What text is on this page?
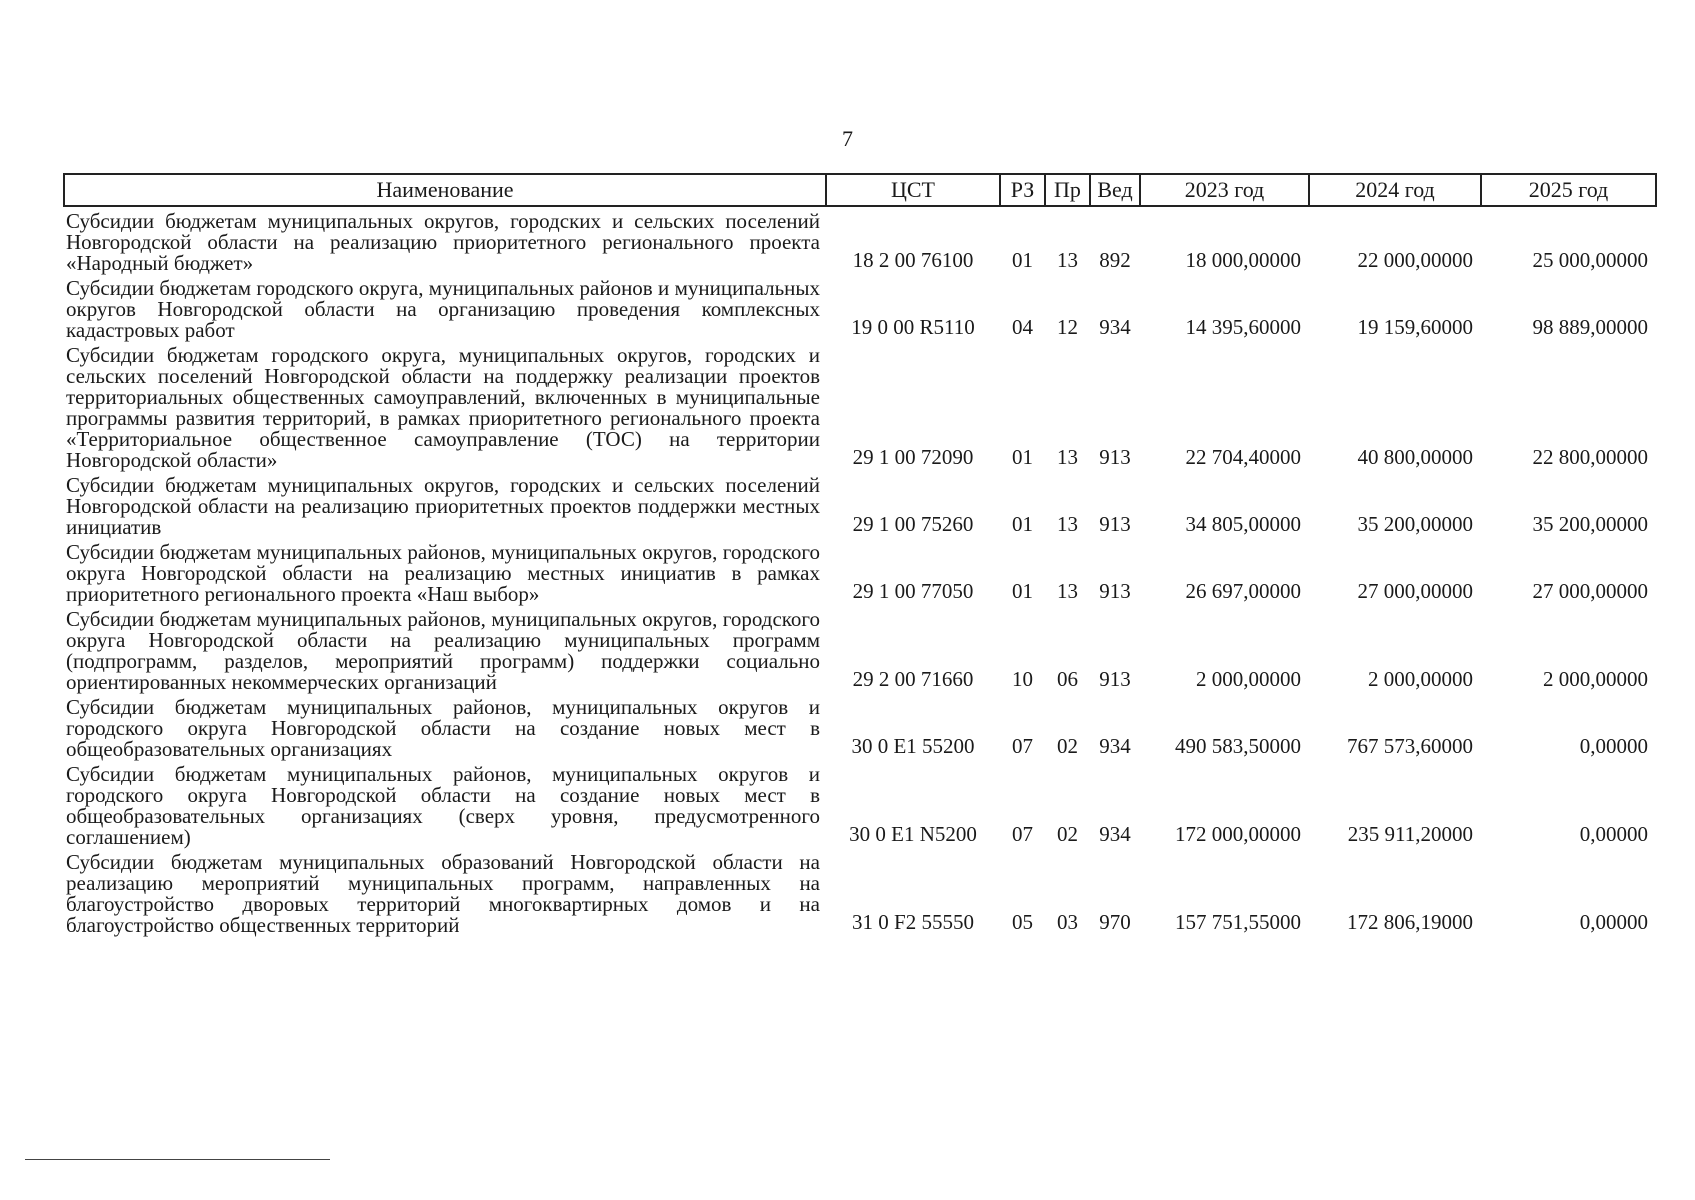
7
Наименование	ЦСТ	РЗ	Пр	Вед	2023 год	2024 год	2025 год
Субсидии бюджетам муниципальных округов, городских и сельских поселений Новгородской области на реализацию приоритетного регионального проекта «Народный бюджет»	18 2 00 76100	01	13	892	18 000,00000	22 000,00000	25 000,00000
Субсидии бюджетам городского округа, муниципальных районов и муниципальных округов Новгородской области на организацию проведения комплексных кадастровых работ	19 0 00 R5110	04	12	934	14 395,60000	19 159,60000	98 889,00000
Субсидии бюджетам городского округа, муниципальных округов, городских и сельских поселений Новгородской области на поддержку реализации проектов территориальных общественных самоуправлений, включенных в муниципальные программы развития территорий, в рамках приоритетного регионального проекта «Территориальное общественное самоуправление (ТОС) на территории Новгородской области»	29 1 00 72090	01	13	913	22 704,40000	40 800,00000	22 800,00000
Субсидии бюджетам муниципальных округов, городских и сельских поселений Новгородской области на реализацию приоритетных проектов поддержки местных инициатив	29 1 00 75260	01	13	913	34 805,00000	35 200,00000	35 200,00000
Субсидии бюджетам муниципальных районов, муниципальных округов, городского округа Новгородской области на реализацию местных инициатив в рамках приоритетного регионального проекта «Наш выбор»	29 1 00 77050	01	13	913	26 697,00000	27 000,00000	27 000,00000
Субсидии бюджетам муниципальных районов, муниципальных округов, городского округа Новгородской области на реализацию муниципальных программ (подпрограмм, разделов, мероприятий программ) поддержки социально ориентированных некоммерческих организаций	29 2 00 71660	10	06	913	2 000,00000	2 000,00000	2 000,00000
Субсидии бюджетам муниципальных районов, муниципальных округов и городского округа Новгородской области на создание новых мест в общеобразовательных организациях	30 0 E1 55200	07	02	934	490 583,50000	767 573,60000	0,00000
Субсидии бюджетам муниципальных районов, муниципальных округов и городского округа Новгородской области на создание новых мест в общеобразовательных организациях (сверх уровня, предусмотренного соглашением)	30 0 E1 N5200	07	02	934	172 000,00000	235 911,20000	0,00000
Субсидии бюджетам муниципальных образований Новгородской области на реализацию мероприятий муниципальных программ, направленных на благоустройство дворовых территорий многоквартирных домов и на благоустройство общественных территорий	31 0 F2 55550	05	03	970	157 751,55000	172 806,19000	0,00000
